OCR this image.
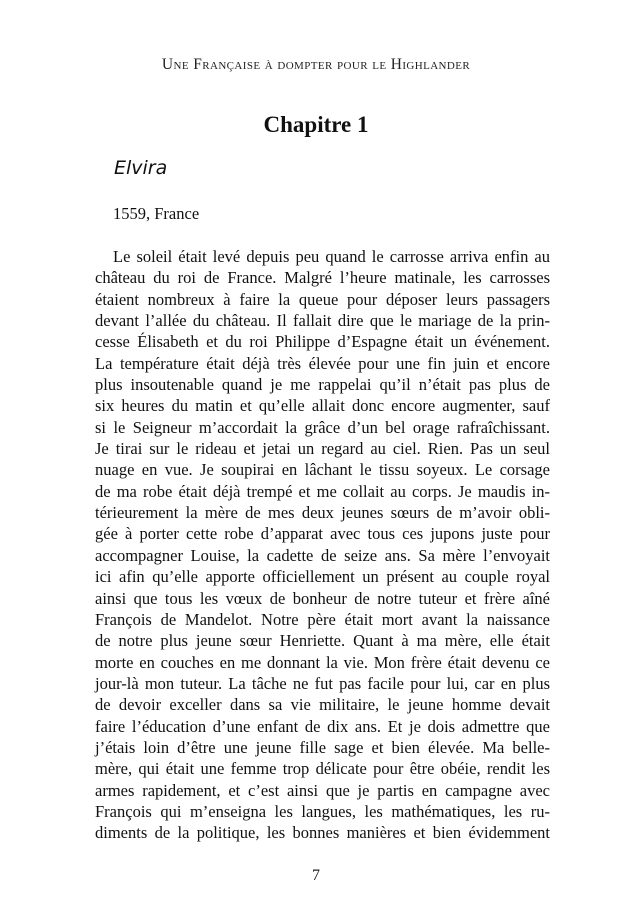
Une Française à dompter pour le Highlander
Chapitre 1
Elvira
1559, France
Le soleil était levé depuis peu quand le carrosse arriva enfin au
château du roi de France. Malgré l’heure matinale, les carrosses
étaient nombreux à faire la queue pour déposer leurs passagers
devant l’allée du château. Il fallait dire que le mariage de la prin-
cesse Élisabeth et du roi Philippe d’Espagne était un événement.
La température était déjà très élevée pour une fin juin et encore
plus insoutenable quand je me rappelai qu’il n’était pas plus de
six heures du matin et qu’elle allait donc encore augmenter, sauf
si le Seigneur m’accordait la grâce d’un bel orage rafraîchissant.
Je tirai sur le rideau et jetai un regard au ciel. Rien. Pas un seul
nuage en vue. Je soupirai en lâchant le tissu soyeux. Le corsage
de ma robe était déjà trempé et me collait au corps. Je maudis in-
térieurement la mère de mes deux jeunes sœurs de m’avoir obli-
gée à porter cette robe d’apparat avec tous ces jupons juste pour
accompagner Louise, la cadette de seize ans. Sa mère l’envoyait
ici afin qu’elle apporte officiellement un présent au couple royal
ainsi que tous les vœux de bonheur de notre tuteur et frère aîné
François de Mandelot. Notre père était mort avant la naissance
de notre plus jeune sœur Henriette. Quant à ma mère, elle était
morte en couches en me donnant la vie. Mon frère était devenu ce
jour-là mon tuteur. La tâche ne fut pas facile pour lui, car en plus
de devoir exceller dans sa vie militaire, le jeune homme devait
faire l’éducation d’une enfant de dix ans. Et je dois admettre que
j’étais loin d’être une jeune fille sage et bien élevée. Ma belle-
mère, qui était une femme trop délicate pour être obéie, rendit les
armes rapidement, et c’est ainsi que je partis en campagne avec
François qui m’enseigna les langues, les mathématiques, les ru-
diments de la politique, les bonnes manières et bien évidemment
7
